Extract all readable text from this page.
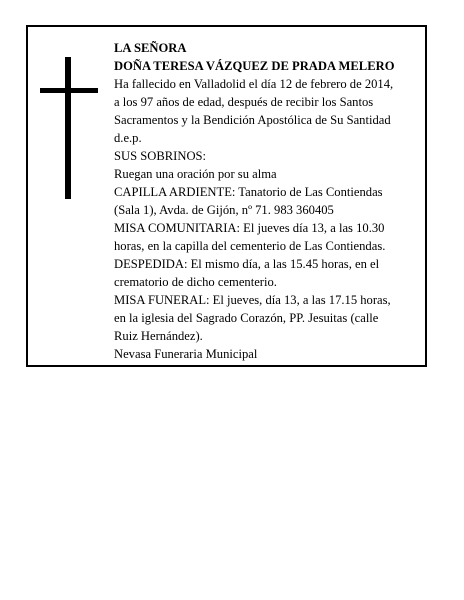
LA SEÑORA
DOÑA TERESA VÁZQUEZ DE PRADA MELERO
Ha fallecido en Valladolid el día 12 de febrero de 2014,
a los 97 años de edad, después de recibir los Santos
Sacramentos y la Bendición Apostólica de Su Santidad
d.e.p.
SUS SOBRINOS:
Ruegan una oración por su alma
CAPILLA ARDIENTE: Tanatorio de Las Contiendas
(Sala 1), Avda. de Gijón, nº 71. 983 360405
MISA COMUNITARIA: El jueves día 13, a las 10.30
horas, en la capilla del cementerio de Las Contiendas.
DESPEDIDA: El mismo día, a las 15.45 horas, en el
crematorio de dicho cementerio.
MISA FUNERAL: El jueves, día 13, a las 17.15 horas,
en la iglesia del Sagrado Corazón, PP. Jesuitas (calle
Ruiz Hernández).
Nevasa Funeraria Municipal
